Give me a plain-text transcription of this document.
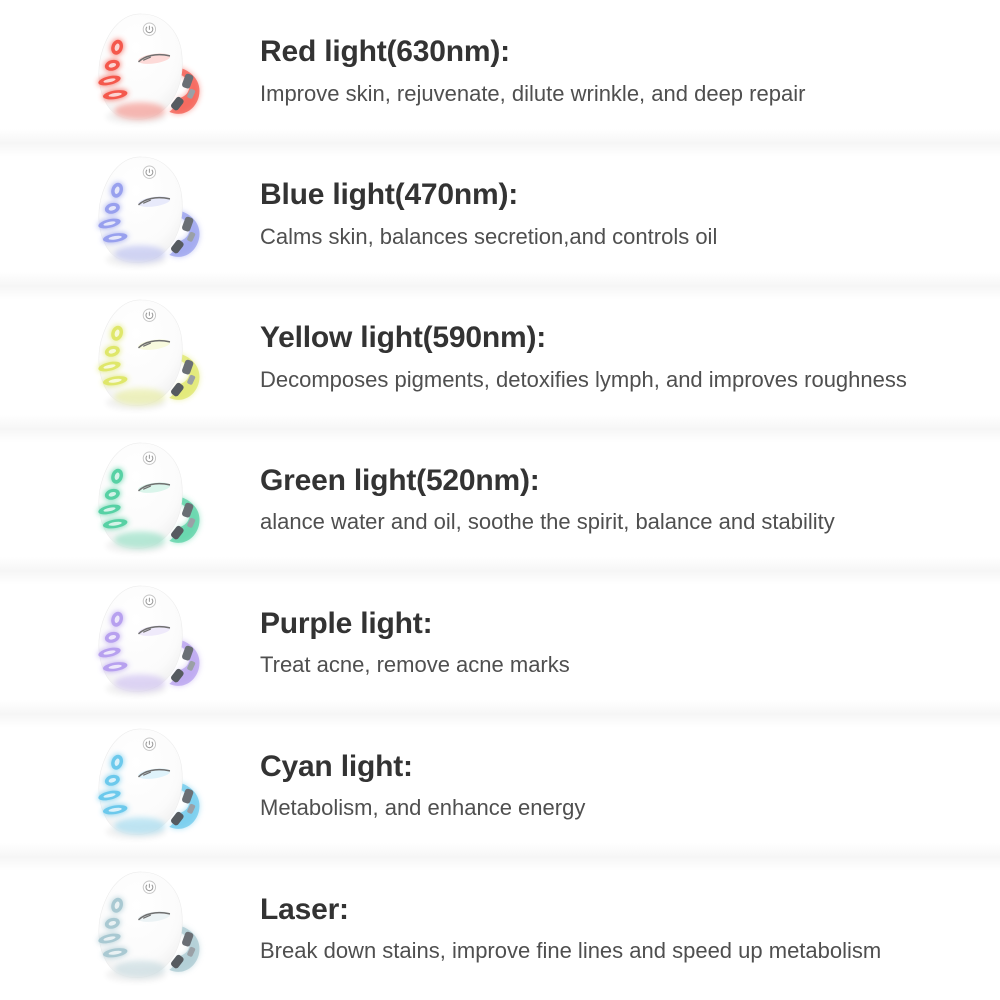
Red light(630nm):

Improve skin, rejuvenate, dilute wrinkle, and deep repair

Blue light(470nm):

Calms skin, balances secretion,and controls oil

Yellow light(590nm):

Decomposes pigments, detoxifies lymph, and improves roughness

Green light(520nm):

alance water and oil, soothe the spirit, balance and stability

Purple light:

Treat acne, remove acne marks

Cyan light:

Metabolism, and enhance energy

Laser:

Break down stains, improve fine lines and speed up metabolism
